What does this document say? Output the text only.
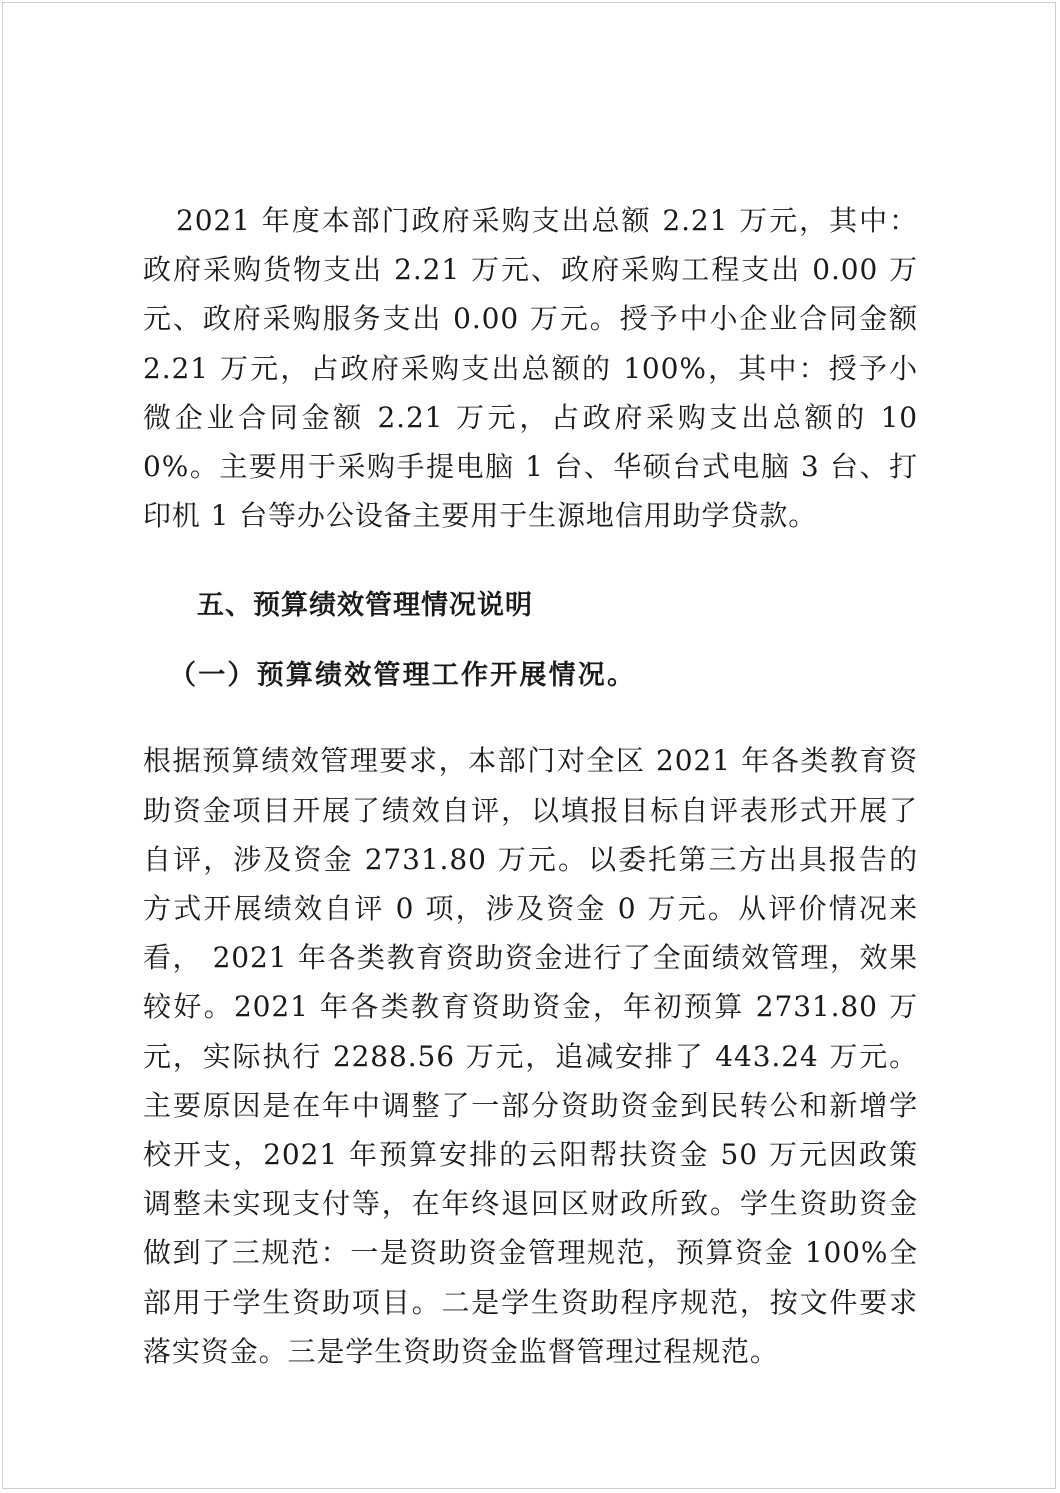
2021 年度本部门政府采购支出总额 2.21 万元，其中：政府采购货物支出 2.21 万元、政府采购工程支出 0.00 万元、政府采购服务支出 0.00 万元。授予中小企业合同金额 2.21 万元，占政府采购支出总额的 100%，其中：授予小微企业合同金额 2.21 万元，占政府采购支出总额的 100%。主要用于采购手提电脑 1 台、华硕台式电脑 3 台、打印机 1 台等办公设备主要用于生源地信用助学贷款。

五、预算绩效管理情况说明
（一）预算绩效管理工作开展情况。

根据预算绩效管理要求，本部门对全区 2021 年各类教育资助资金项目开展了绩效自评，以填报目标自评表形式开展了自评，涉及资金 2731.80 万元。以委托第三方出具报告的方式开展绩效自评 0 项，涉及资金 0 万元。从评价情况来看， 2021 年各类教育资助资金进行了全面绩效管理，效果较好。2021 年各类教育资助资金，年初预算 2731.80 万元，实际执行 2288.56 万元，追减安排了 443.24 万元。主要原因是在年中调整了一部分资助资金到民转公和新增学校开支，2021 年预算安排的云阳帮扶资金 50 万元因政策调整未实现支付等，在年终退回区财政所致。学生资助资金做到了三规范：一是资助资金管理规范，预算资金 100%全部用于学生资助项目。二是学生资助程序规范，按文件要求落实资金。三是学生资助资金监督管理过程规范。
